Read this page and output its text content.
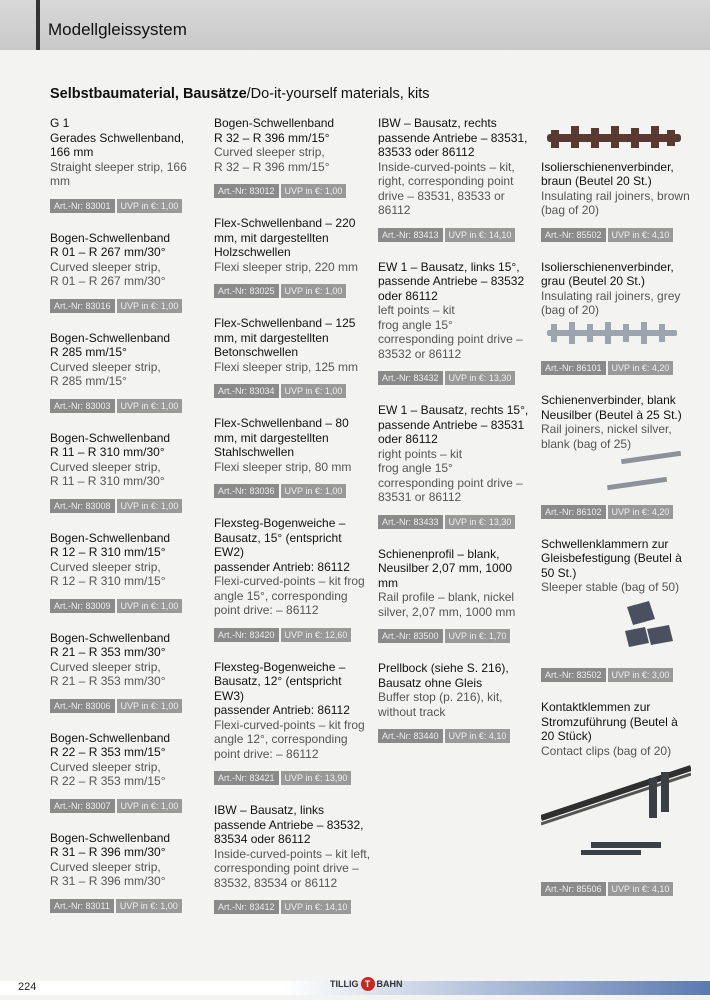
Modellgleissystem
Selbstbaumaterial, Bausätze/Do-it-yourself materials, kits
G 1
Gerades Schwellenband, 166 mm
Straight sleeper strip, 166 mm
Art.-Nr: 83001	UVP in €: 1,00
Bogen-Schwellenband
R 01 – R 267 mm/30°
Curved sleeper strip,
R 01 – R 267 mm/30°
Art.-Nr: 83016	UVP in €: 1,00
Bogen-Schwellenband
R 285 mm/15°
Curved sleeper strip,
R 285 mm/15°
Art.-Nr: 83003	UVP in €: 1,00
Bogen-Schwellenband
R 11 – R 310 mm/30°
Curved sleeper strip,
R 11 – R 310 mm/30°
Art.-Nr: 83008	UVP in €: 1,00
Bogen-Schwellenband
R 12 – R 310 mm/15°
Curved sleeper strip,
R 12 – R 310 mm/15°
Art.-Nr: 83009	UVP in €: 1,00
Bogen-Schwellenband
R 21 – R 353 mm/30°
Curved sleeper strip,
R 21 – R 353 mm/30°
Art.-Nr: 83006	UVP in €: 1,00
Bogen-Schwellenband
R 22 – R 353 mm/15°
Curved sleeper strip,
R 22 – R 353 mm/15°
Art.-Nr: 83007	UVP in €: 1,00
Bogen-Schwellenband
R 31 – R 396 mm/30°
Curved sleeper strip,
R 31 – R 396 mm/30°
Art.-Nr: 83011	UVP in €: 1,00
Bogen-Schwellenband
R 32 – R 396 mm/15°
Curved sleeper strip,
R 32 – R 396 mm/15°
Art.-Nr: 83012	UVP in €: 1,00
Flex-Schwellenband – 220 mm, mit dargestellten Holzschwellen
Flexi sleeper strip, 220 mm
Art.-Nr: 83025	UVP in €: 1,00
Flex-Schwellenband – 125 mm, mit dargestellten Betonschwellen
Flexi sleeper strip, 125 mm
Art.-Nr: 83034	UVP in €: 1,00
Flex-Schwellenband – 80 mm, mit dargestellten Stahlschwellen
Flexi sleeper strip, 80 mm
Art.-Nr: 83036	UVP in €: 1,00
Flexsteg-Bogenweiche – Bausatz, 15° (entspricht EW2)
passender Antrieb: 86112
Flexi-curved-points – kit frog angle 15°, corresponding point drive: – 86112
Art.-Nr: 83420	UVP in €: 12,60
Flexsteg-Bogenweiche – Bausatz, 12° (entspricht EW3)
passender Antrieb: 86112
Flexi-curved-points – kit frog angle 12°, corresponding point drive: – 86112
Art.-Nr: 83421	UVP in €: 13,90
IBW – Bausatz, links passende Antriebe – 83532, 83534 oder 86112
Inside-curved-points – kit left, corresponding point drive – 83532, 83534 or 86112
Art.-Nr: 83412	UVP in €: 14,10
IBW – Bausatz, rechts passende Antriebe – 83531, 83533 oder 86112
Inside-curved-points – kit, right, corresponding point drive – 83531, 83533 or 86112
Art.-Nr: 83413	UVP in €: 14,10
EW 1 – Bausatz, links 15°, passende Antriebe – 83532 oder 86112
left points – kit
frog angle 15°
corresponding point drive – 83532 or 86112
Art.-Nr: 83432	UVP in €: 13,30
EW 1 – Bausatz, rechts 15°, passende Antriebe – 83531 oder 86112
right points – kit
frog angle 15°
corresponding point drive – 83531 or 86112
Art.-Nr: 83433	UVP in €: 13,30
Schienenprofil – blank, Neusilber 2,07 mm, 1000 mm
Rail profile – blank, nickel silver, 2,07 mm, 1000 mm
Art.-Nr: 83500	UVP in €: 1,70
Prellbock (siehe S. 216), Bausatz ohne Gleis
Buffer stop (p. 216), kit, without track
Art.-Nr: 83440	UVP in €: 4,10
Isolierschienenverbinder, braun (Beutel 20 St.)
Insulating rail joiners, brown (bag of 20)
Art.-Nr: 85502	UVP in €: 4,10
Isolierschienenverbinder, grau (Beutel 20 St.)
Insulating rail joiners, grey (bag of 20)
Art.-Nr: 86101	UVP in €: 4,20
Schienenverbinder, blank Neusilber (Beutel à 25 St.)
Rail joiners, nickel silver, blank (bag of 25)
Art.-Nr: 86102	UVP in €: 4,20
Schwellenklammern zur Gleisbefestigung (Beutel à 50 St.)
Sleeper stable (bag of 50)
Art.-Nr: 83502	UVP in €: 3,00
Kontaktklemmen zur Stromzuführung (Beutel à 20 Stück)
Contact clips (bag of 20)
Art.-Nr: 85506	UVP in €: 4,10
224	TILLIG T BAHN
